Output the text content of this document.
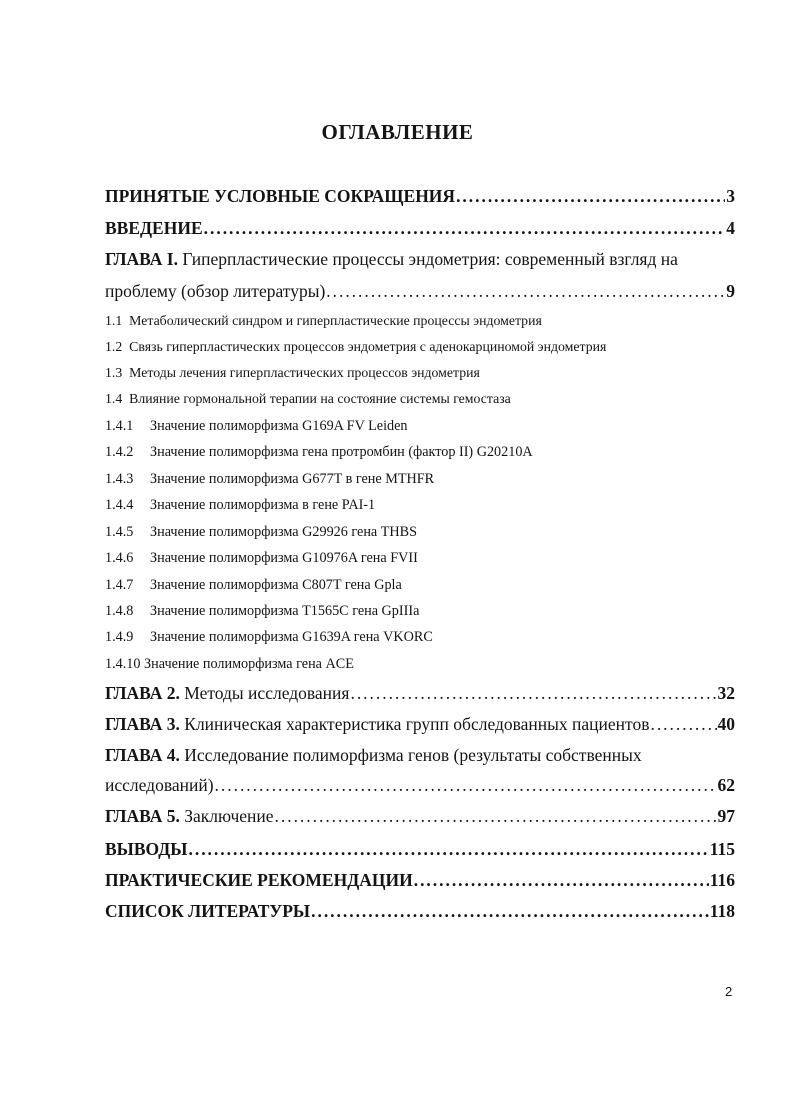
ОГЛАВЛЕНИЕ
ПРИНЯТЫЕ УСЛОВНЫЕ СОКРАЩЕНИЯ . . .	3
ВВЕДЕНИЕ . . .	4
ГЛАВА I. Гиперпластические процессы эндометрия: современный взгляд на
проблему (обзор литературы) . . .	9
1.1 Метаболический синдром и гиперпластические процессы эндометрия
1.2 Связь гиперпластических процессов эндометрия с аденокарциномой эндометрия
1.3 Методы лечения гиперпластических процессов эндометрия
1.4 Влияние гормональной терапии на состояние системы гемостаза
1.4.1 Значение полиморфизма G169A FV Leiden
1.4.2 Значение полиморфизма гена протромбин (фактор II) G20210A
1.4.3 Значение полиморфизма G677T в гене MTHFR
1.4.4 Значение полиморфизма в гене PAI-1
1.4.5 Значение полиморфизма G29926 гена THBS
1.4.6 Значение полиморфизма G10976A гена FVII
1.4.7 Значение полиморфизма C807T гена Gpla
1.4.8 Значение полиморфизма T1565C гена GpIIIa
1.4.9 Значение полиморфизма G1639A гена VKORC
1.4.10 Значение полиморфизма гена ACE
ГЛАВА 2. Методы исследования . . .	32
ГЛАВА 3. Клиническая характеристика групп обследованных пациентов . . .	40
ГЛАВА 4. Исследование полиморфизма генов (результаты собственных
исследований) . . .	62
ГЛАВА 5. Заключение . . .	97
ВЫВОДЫ . . .	115
ПРАКТИЧЕСКИЕ РЕКОМЕНДАЦИИ . . .	116
СПИСОК ЛИТЕРАТУРЫ . . .	118
2
